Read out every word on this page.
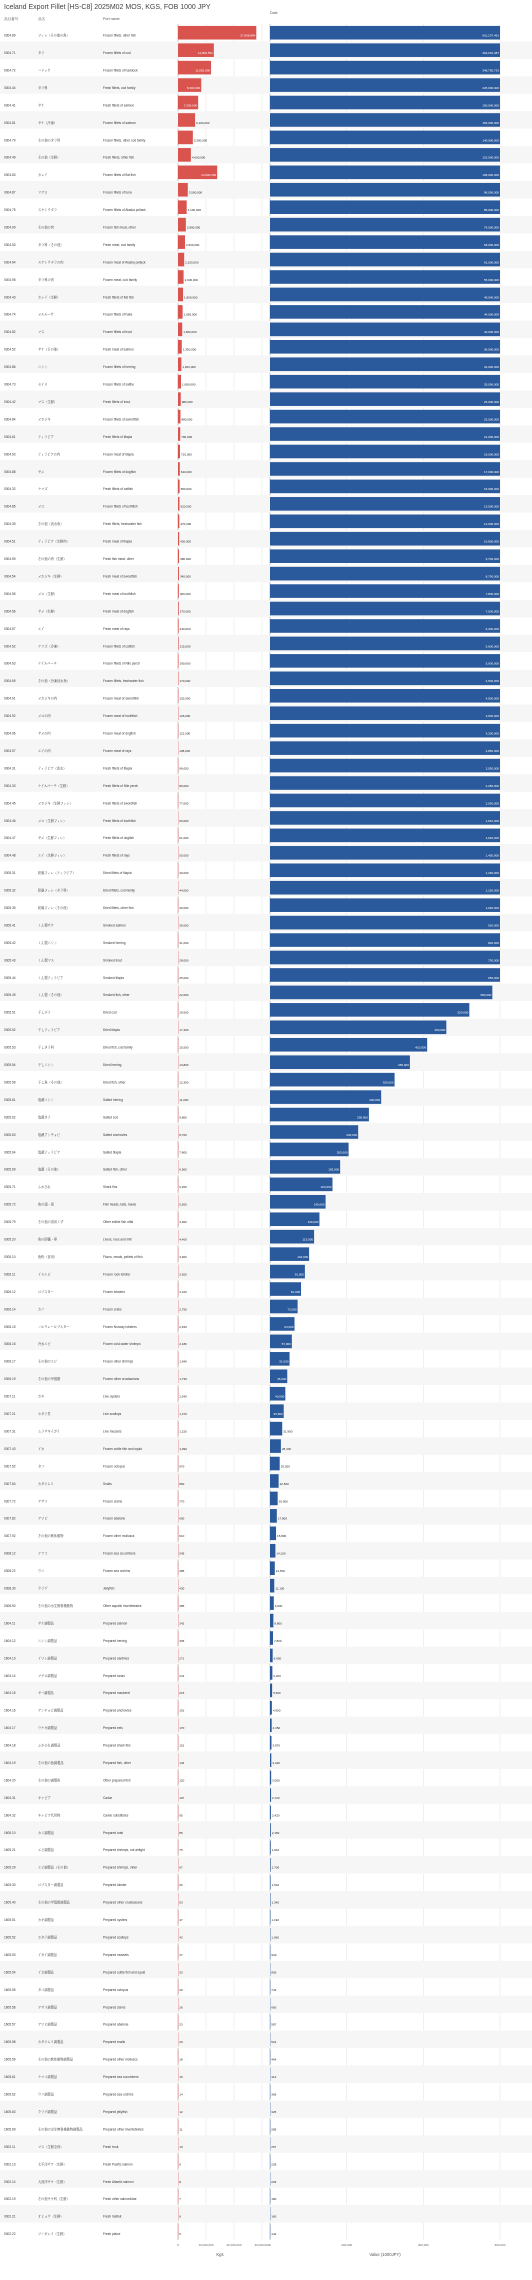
Iceland Export Fillet [HS-C8] 2025M02 MOS, KGS, FOB 1000 JPY
品目番号	品名	Port name
Date
0	10,000,000	20,000,000	30,000,000
Kgs
0	200,000	400,000	600,000
Value (1000JPY)
0304.89	フィレ（その他の魚）	Frozen fillets, other fish	27,958,884	601,237,491
0304.71	タラ	Frozen fillets of cod	12,800,552	463,001,387
0304.72	ハドック	Frozen fillets of haddock	11,802,000	348,750,733
0304.44	タラ科	Fresh fillets, cod family	8,300,000	225,000,000
0304.41	サケ	Fresh fillets of salmon	7,200,000	190,000,000
0304.81	サケ（冷凍）	Frozen fillets of salmon	6,100,000	165,000,000
0304.79	その他のタラ科	Frozen fillets, other cod family	5,300,000	140,000,000
0304.49	その他（生鮮）	Fresh fillets, other fish	4,600,000	122,000,000
0304.83	カレイ	Frozen fillets of flat fish	14,000,000	108,000,000
0304.87	マグロ	Frozen fillets of tuna	3,500,000	96,000,000
0304.75	スケトウダラ	Frozen fillets of Alaska pollack	3,100,000	85,000,000
0304.99	その他の肉	Frozen fish meat, other	2,800,000	76,000,000
0304.53	タラ科（その他）	Fresh meat, cod family	2,500,000	68,000,000
0304.94	スケトウダラの肉	Frozen meat of Alaska pollack	2,200,000	61,000,000
0304.95	タラ科の肉	Frozen meat, cod family	2,000,000	55,000,000
0304.43	カレイ（生鮮）	Fresh fillets of flat fish	1,800,000	49,000,000
0304.74	メルルーサ	Frozen fillets of hake	1,650,000	44,000,000
0304.82	マス	Frozen fillets of trout	1,500,000	40,000,000
0304.52	サケ（その他）	Fresh meat of salmon	1,350,000	36,000,000
0304.86	ニシン	Frozen fillets of herring	1,200,000	32,000,000
0304.73	セイス	Frozen fillets of saithe	1,080,000	29,000,000
0304.42	マス（生鮮）	Fresh fillets of trout	980,000	26,000,000
0304.84	メカジキ	Frozen fillets of swordfish	880,000	23,000,000
0304.61	ティラピア	Fresh fillets of tilapia	790,000	21,000,000
0304.93	ティラピアの肉	Frozen meat of tilapia	710,000	19,000,000
0304.88	サメ	Frozen fillets of dogfish	640,000	17,000,000
0304.32	ナマズ	Fresh fillets of catfish	580,000	15,000,000
0304.85	メロ	Frozen fillets of toothfish	520,000	13,500,000
0304.39	その他（淡水魚）	Fresh fillets, freshwater fish	470,000	12,000,000
0304.51	ティラピア（生鮮肉）	Fresh meat of tilapia	420,000	10,800,000
0304.59	その他の肉（生鮮）	Fresh fish meat, other	380,000	9,700,000
0304.54	メカジキ（生鮮）	Fresh meat of swordfish	340,000	8,700,000
0304.55	メロ（生鮮）	Fresh meat of toothfish	300,000	7,800,000
0304.56	サメ（生鮮）	Fresh meat of dogfish	270,000	7,000,000
0304.57	エイ	Fresh meat of rays	240,000	6,300,000
0304.62	ナマズ（冷凍）	Frozen fillets of catfish	215,000	5,600,000
0304.63	ナイルパーチ	Frozen fillets of Nile perch	190,000	5,000,000
0304.69	その他（冷凍淡水魚）	Frozen fillets, freshwater fish	170,000	4,500,000
0304.91	メカジキの肉	Frozen meat of swordfish	152,000	4,000,000
0304.92	メロの肉	Frozen meat of toothfish	136,000	3,600,000
0304.96	サメの肉	Frozen meat of dogfish	121,000	3,200,000
0304.97	エイの肉	Frozen meat of rays	108,000	2,850,000
0304.31	ティラピア（淡水）	Fresh fillets of tilapia	96,000	2,550,000
0304.33	ナイルパーチ（生鮮）	Fresh fillets of Nile perch	86,000	2,280,000
0304.45	メカジキ（生鮮フィレ）	Fresh fillets of swordfish	77,000	2,030,000
0304.46	メロ（生鮮フィレ）	Fresh fillets of toothfish	69,000	1,810,000
0304.47	サメ（生鮮フィレ）	Fresh fillets of dogfish	61,000	1,620,000
0304.48	エイ（生鮮フィレ）	Fresh fillets of rays	55,000	1,450,000
0305.31	乾燥フィレ（ティラピア）	Dried fillets of tilapia	49,000	1,290,000
0305.32	乾燥フィレ（タラ科）	Dried fillets, cod family	44,000	1,150,000
0305.39	乾燥フィレ（その他）	Dried fillets, other fish	39,000	1,030,000
0305.41	くん製サケ	Smoked salmon	35,000	920,000
0305.42	くん製ニシン	Smoked herring	31,000	820,000
0305.43	くん製マス	Smoked trout	28,000	730,000
0305.44	くん製ティラピア	Smoked tilapia	25,000	650,000
0305.49	くん製（その他）	Smoked fish, other	22,000	580,000
0305.51	干しダラ	Dried cod	19,500	520,000
0305.52	干しティラピア	Dried tilapia	17,400	460,000
0305.53	干しタラ科	Dried fish, cod family	15,500	410,000
0305.54	干しニシン	Dried herring	13,800	365,000
0305.59	干し魚（その他）	Dried fish, other	12,300	325,000
0305.61	塩蔵ニシン	Salted herring	11,000	290,000
0305.62	塩蔵タラ	Salted cod	9,800	258,000
0305.63	塩蔵アンチョビ	Salted anchovies	8,700	230,000
0305.64	塩蔵ティラピア	Salted tilapia	7,800	205,000
0305.69	塩蔵（その他）	Salted fish, other	6,900	183,000
0305.71	ふかひれ	Shark fins	6,200	163,000
0305.72	魚の頭・尾	Fish heads, tails, maws	5,500	145,000
0305.79	その他の食用くず	Other edible fish offal	4,900	129,000
0305.20	魚の肝臓・卵	Livers, roes and milt	4,400	115,000
0305.10	魚粉（食用）	Flours, meals, pellets of fish	3,900	102,000
0306.11	イセエビ	Frozen rock lobster	3,500	91,000
0306.12	ロブスター	Frozen lobsters	3,100	81,000
0306.14	カニ	Frozen crabs	2,750	72,000
0306.15	ノルウェーロブスター	Frozen Norway lobsters	2,450	64,000
0306.16	冷水エビ	Frozen cold-water shrimps	2,180	57,000
0306.17	その他のエビ	Frozen other shrimps	1,940	51,000
0306.19	その他の甲殻類	Frozen other crustaceans	1,730	45,000
0307.11	カキ	Live oysters	1,540	40,000
0307.21	ホタテ貝	Live scallops	1,370	35,800
0307.31	ムラサキイガイ	Live mussels	1,220	31,900
0307.43	イカ	Frozen cuttle fish and squid	1,090	28,400
0307.52	タコ	Frozen octopus	970	25,300
0307.60	カタツムリ	Snails	860	22,500
0307.72	アサリ	Frozen clams	770	20,000
0307.82	アワビ	Frozen abalone	690	17,800
0307.92	その他の軟体動物	Frozen other molluscs	610	15,800
0308.12	ナマコ	Frozen sea cucumbers	545	14,100
0308.22	ウニ	Frozen sea urchins	485	12,500
0308.30	クラゲ	Jellyfish	430	11,100
0308.90	その他の水生無脊椎動物	Other aquatic invertebrates	385	9,900
1604.11	サケ調製品	Prepared salmon	342	8,800
1604.12	ニシン調製品	Prepared herring	305	7,800
1604.13	イワシ調製品	Prepared sardines	271	6,950
1604.14	マグロ調製品	Prepared tunas	241	6,200
1604.15	サバ調製品	Prepared mackerel	215	5,500
1604.16	アンチョビ調製品	Prepared anchovies	191	4,900
1604.17	ウナギ調製品	Prepared eels	170	4,350
1604.18	ふかひれ調製品	Prepared shark fins	151	3,870
1604.19	その他の魚調製品	Prepared fish, other	134	3,440
1604.20	その他の調製魚	Other prepared fish	120	3,060
1604.31	キャビア	Caviar	107	2,720
1604.32	キャビア代用物	Caviar substitutes	95	2,420
1605.10	カニ調製品	Prepared crab	85	2,150
1605.21	エビ調製品	Prepared shrimps, not airtight	75	1,910
1605.29	エビ調製品（その他）	Prepared shrimps, other	67	1,700
1605.30	ロブスター調製品	Prepared lobster	60	1,510
1605.40	その他の甲殻類調製品	Prepared other crustaceans	53	1,340
1605.51	カキ調製品	Prepared oysters	47	1,190
1605.52	ホタテ調製品	Prepared scallops	42	1,060
1605.53	イガイ調製品	Prepared mussels	37	940
1605.54	イカ調製品	Prepared cuttle fish and squid	33	836
1605.55	タコ調製品	Prepared octopus	29	743
1605.56	アサリ調製品	Prepared clams	26	660
1605.57	アワビ調製品	Prepared abalone	23	587
1605.58	カタツムリ調製品	Prepared snails	20	522
1605.59	その他の軟体動物調製品	Prepared other molluscs	18	464
1605.61	ナマコ調製品	Prepared sea cucumbers	16	412
1605.62	ウニ調製品	Prepared sea urchins	14	366
1605.63	クラゲ調製品	Prepared jellyfish	12	325
1605.69	その他の水生無脊椎動物調製品	Prepared other invertebrates	11	289
0302.11	マス（生鮮全形）	Fresh trout	10	257
0302.13	太平洋サケ（生鮮）	Fresh Pacific salmon	9	228
0302.14	大西洋サケ（生鮮）	Fresh Atlantic salmon	8	203
0302.19	その他サケ科（生鮮）	Fresh other salmonidae	7	180
0302.21	オヒョウ（生鮮）	Fresh halibut	6	160
0302.22	ツノガレイ（生鮮）	Fresh plaice	5	142
